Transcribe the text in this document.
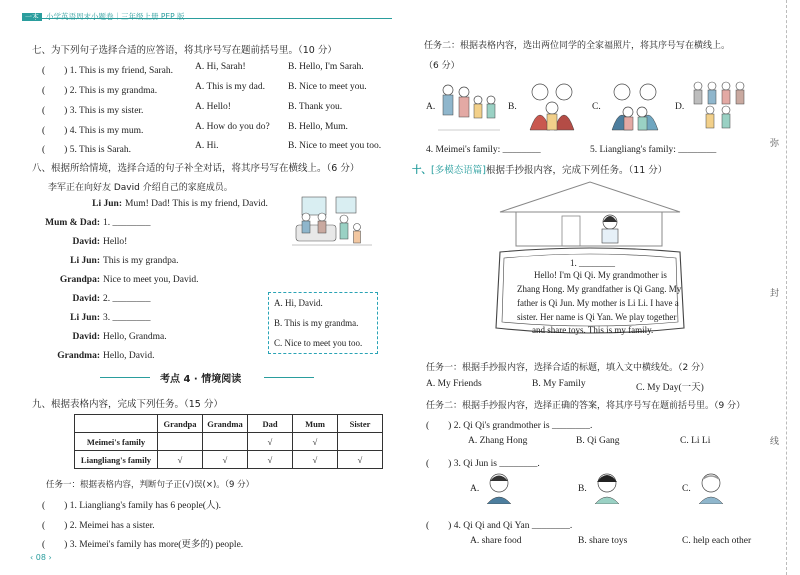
一本 小学英语周末小题卷｜三年级上册 PEP 版
七、为下列句子选择合适的应答语，将其序号写在题前括号里。（10 分）
(　　) 1. This is my friend, Sarah. A. Hi, Sarah!	B. Hello, I'm Sarah.
(　　) 2. This is my grandma.	A. This is my dad. B. Nice to meet you.
(　　) 3. This is my sister.	A. Hello!	B. Thank you.
(　　) 4. This is my mum.	A. How do you do? B. Hello, Mum.
(　　) 5. This is Sarah.	A. Hi.	B. Nice to meet you too.
八、根据所给情境，选择合适的句子补全对话，将其序号写在横线上。（6 分）
李军正在向好友 David 介绍自己的家庭成员。
Li Jun: Mum! Dad! This is my friend, David.
Mum & Dad: 1. ________
David: Hello!
Li Jun: This is my grandpa.
Grandpa: Nice to meet you, David.
David: 2. ________
Li Jun: 3. ________
David: Hello, Grandma.
Grandma: Hello, David.
A. Hi, David.
B. This is my grandma.
C. Nice to meet you too.
考点 4 · 情境阅读
九、根据表格内容，完成下列任务。（15 分）
	Grandpa	Grandma	Dad	Mum	Sister
Meimei's family			√	√	
Liangliang's family	√	√	√	√	√
任务一：根据表格内容，判断句子正(√)误(×)。（9 分）
(　　) 1. Liangliang's family has 6 people(人).
(　　) 2. Meimei has a sister.
(　　) 3. Meimei's family has more(更多的) people.
‹ 08 ›
任务二：根据表格内容，选出两位同学的全家福照片，将其序号写在横线上。
（6 分）
A.	B.	C.	D.
4. Meimei's family: ________	5. Liangliang's family: ________
十、[多模态语篇]根据手抄报内容，完成下列任务。（11 分）
1. ________
Hello! I'm Qi Qi. My grandmother is
Zhang Hong. My grandfather is Qi Gang. My
father is Qi Jun. My mother is Li Li. I have a
sister. Her name is Qi Yan. We play together
and share toys. This is my family.
任务一：根据手抄报内容，选择合适的标题，填入文中横线处。（2 分）
A. My Friends	B. My Family	C. My Day(一天)
任务二：根据手抄报内容，选择正确的答案，将其序号写在题前括号里。（9 分）
(　　) 2. Qi Qi's grandmother is ________.
A. Zhang Hong	B. Qi Gang	C. Li Li
(　　) 3. Qi Jun is ________.
A.	B.	C.
(　　) 4. Qi Qi and Qi Yan ________.
A. share food	B. share toys	C. help each other
弥
封
线
